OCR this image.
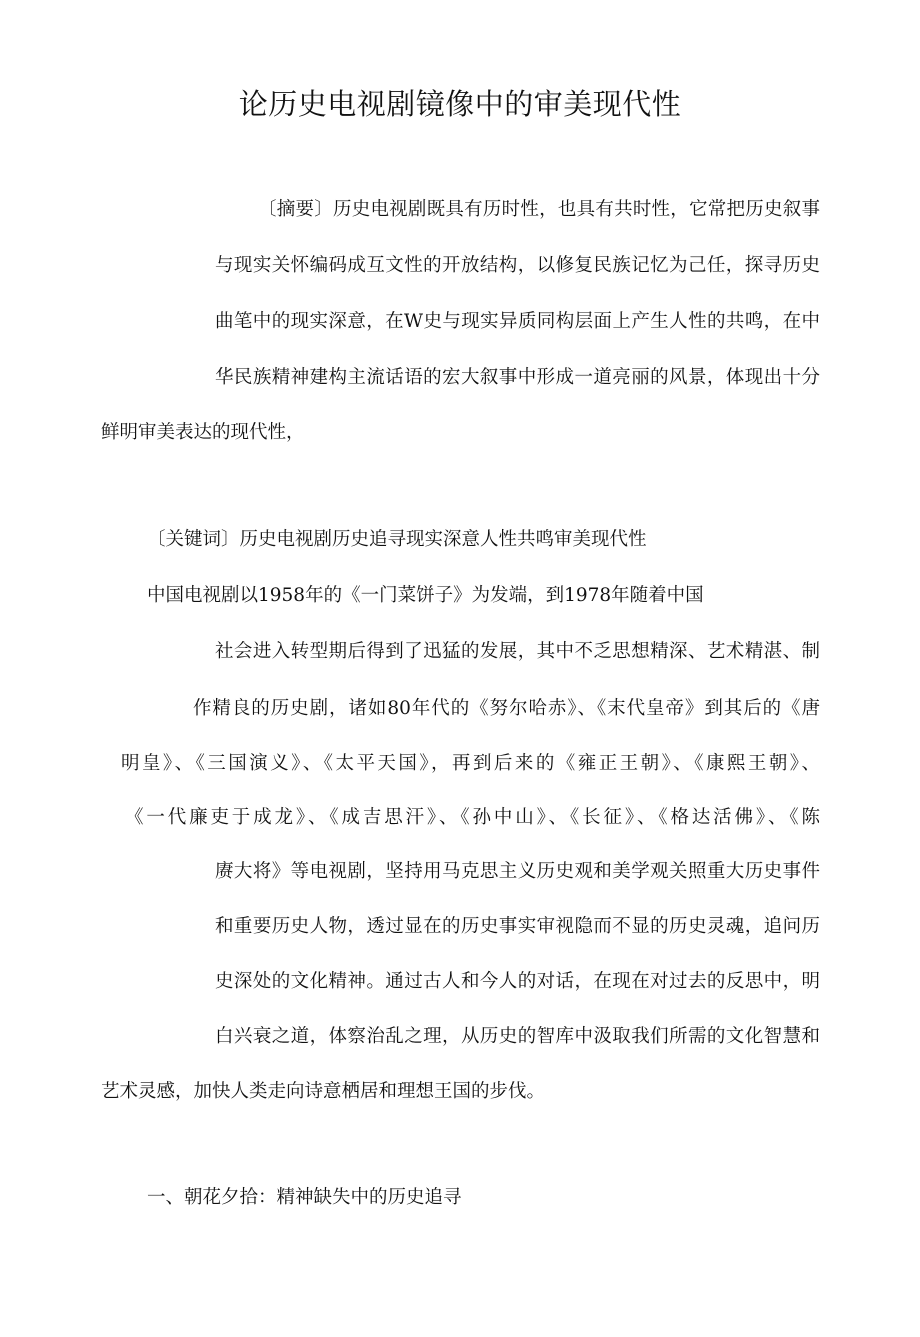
论历史电视剧镜像中的审美现代性
〔摘要〕历史电视剧既具有历时性，也具有共时性，它常把历史叙事
与现实关怀编码成互文性的开放结构，以修复民族记忆为己任，探寻历史
曲笔中的现实深意，在W史与现实异质同构层面上产生人性的共鸣，在中
华民族精神建构主流话语的宏大叙事中形成一道亮丽的风景，体现出十分
鲜明审美表达的现代性，
〔关键词〕历史电视剧历史追寻现实深意人性共鸣审美现代性
中国电视剧以1958年的《一门菜饼子》为发端，到1978年随着中国
社会进入转型期后得到了迅猛的发展，其中不乏思想精深、艺术精湛、制
作精良的历史剧，诸如80年代的《努尔哈赤》、《末代皇帝》到其后的《唐
明皇》、《三国演义》、《太平天国》，再到后来的《雍正王朝》、《康熙王朝》、
《一代廉吏于成龙》、《成吉思汗》、《孙中山》、《长征》、《格达活佛》、《陈
赓大将》等电视剧，坚持用马克思主义历史观和美学观关照重大历史事件
和重要历史人物，透过显在的历史事实审视隐而不显的历史灵魂，追问历
史深处的文化精神。通过古人和今人的对话，在现在对过去的反思中，明
白兴衰之道，体察治乱之理，从历史的智库中汲取我们所需的文化智慧和
艺术灵感，加快人类走向诗意栖居和理想王国的步伐。
一、朝花夕拾：精神缺失中的历史追寻
